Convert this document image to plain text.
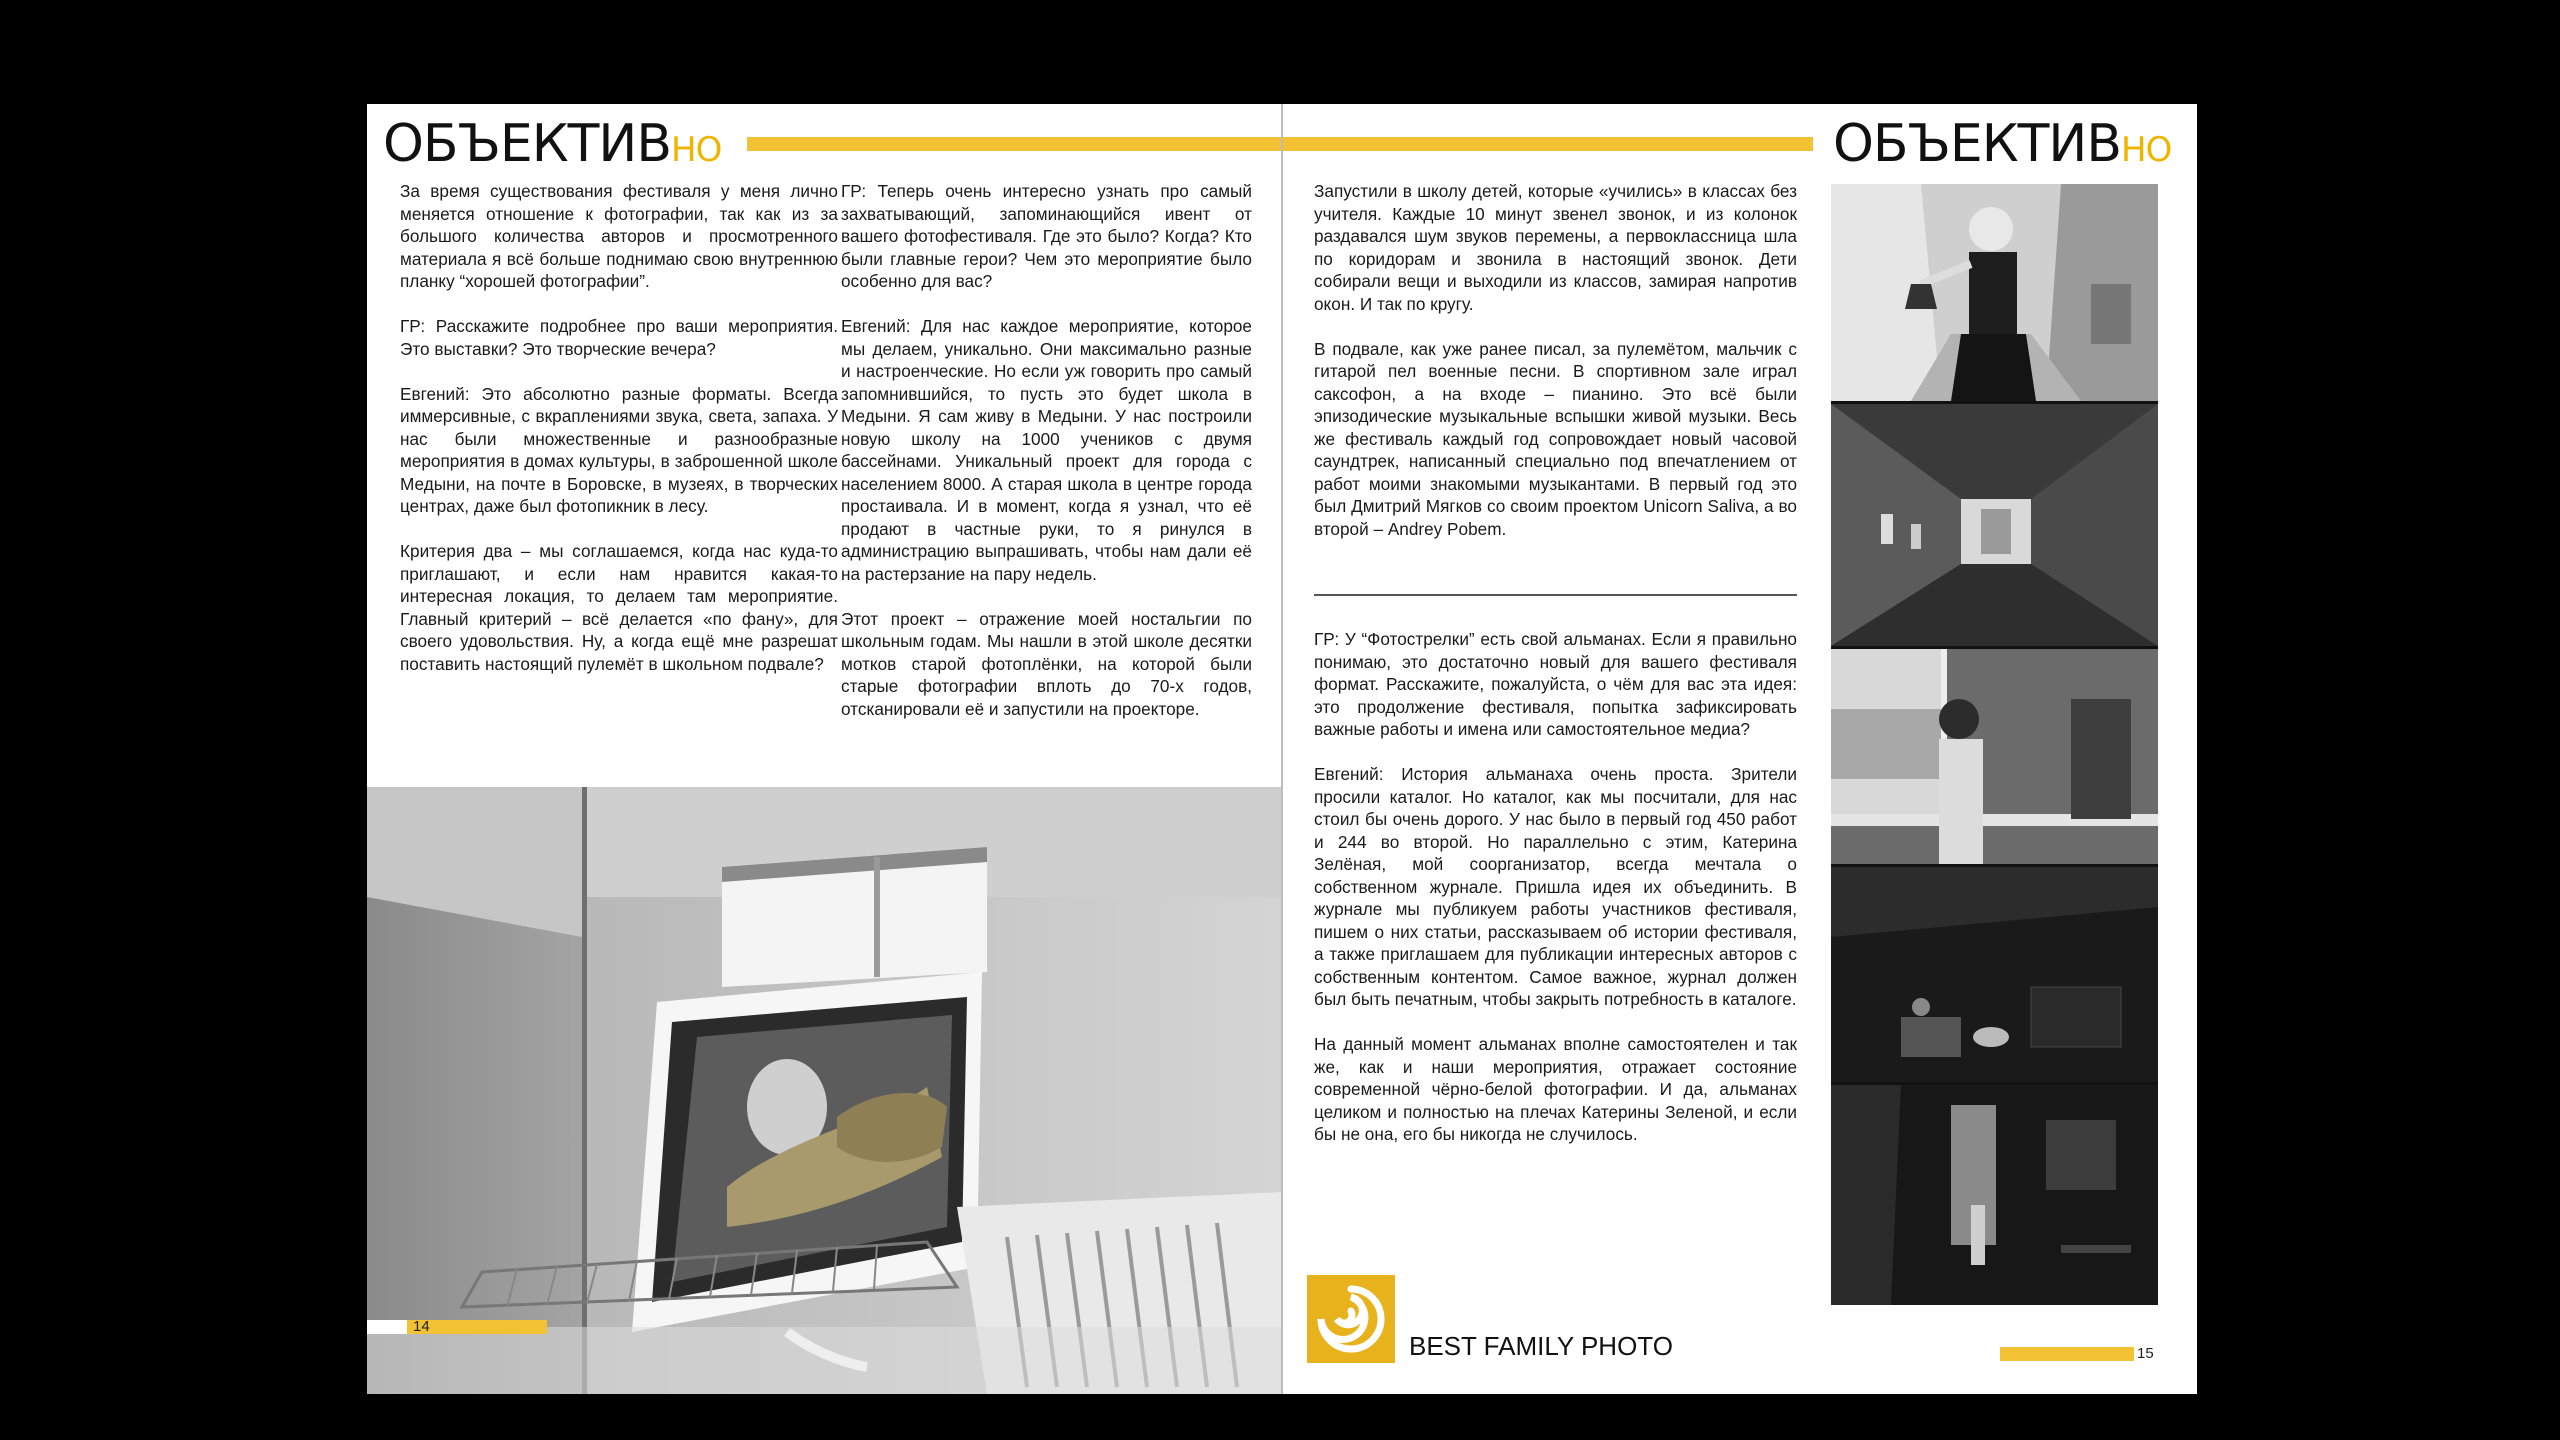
ОБЪЕКТИВНО

За время существования фестиваля у меня лично меняется отношение к фотографии, так как из за большого количества авторов и просмотренного материала я всё больше поднимаю свою внутреннюю планку “хорошей фотографии”.

ГР: Расскажите подробнее про ваши мероприятия. Это выставки? Это творческие вечера?

Евгений: Это абсолютно разные форматы. Всегда иммерсивные, с вкраплениями звука, света, запаха. У нас были множественные и разнообразные мероприятия в домах культуры, в заброшенной школе Медыни, на почте в Боровске, в музеях, в творческих центрах, даже был фотопикник в лесу.

Критерия два – мы соглашаемся, когда нас куда-то приглашают, и если нам нравится какая-то интересная локация, то делаем там мероприятие. Главный критерий – всё делается «по фану», для своего удовольствия. Ну, а когда ещё мне разрешат поставить настоящий пулемёт в школьном подвале?

ГР: Теперь очень интересно узнать про самый захватывающий, запоминающийся ивент от вашего фотофестиваля. Где это было? Когда? Кто были главные герои? Чем это мероприятие было особенно для вас?

Евгений: Для нас каждое мероприятие, которое мы делаем, уникально. Они максимально разные и настроенческие. Но если уж говорить про самый запомнившийся, то пусть это будет школа в Медыни. Я сам живу в Медыни. У нас построили новую школу на 1000 учеников с двумя бассейнами. Уникальный проект для города с населением 8000. А старая школа в центре города простаивала. И в момент, когда я узнал, что её продают в частные руки, то я ринулся в администрацию выпрашивать, чтобы нам дали её на растерзание на пару недель.

Этот проект – отражение моей ностальгии по школьным годам. Мы нашли в этой школе десятки мотков старой фотоплёнки, на которой были старые фотографии вплоть до 70-х годов, отсканировали её и запустили на проекторе.

14
ОБЪЕКТИВНО

Запустили в школу детей, которые «учились» в классах без учителя. Каждые 10 минут звенел звонок, и из колонок раздавался шум звуков перемены, а первоклассница шла по коридорам и звонила в настоящий звонок. Дети собирали вещи и выходили из классов, замирая напротив окон. И так по кругу.

В подвале, как уже ранее писал, за пулемётом, мальчик с гитарой пел военные песни. В спортивном зале играл саксофон, а на входе – пианино. Это всё были эпизодические музыкальные вспышки живой музыки. Весь же фестиваль каждый год сопровождает новый часовой саундтрек, написанный специально под впечатлением от работ моими знакомыми музыкантами. В первый год это был Дмитрий Мягков со своим проектом Unicorn Saliva, а во второй – Andrey Pobem.

ГР: У “Фотострелки” есть свой альманах. Если я правильно понимаю, это достаточно новый для вашего фестиваля формат. Расскажите, пожалуйста, о чём для вас эта идея: это продолжение фестиваля, попытка зафиксировать важные работы и имена или самостоятельное медиа?

Евгений: История альманаха очень проста. Зрители просили каталог. Но каталог, как мы посчитали, для нас стоил бы очень дорого. У нас было в первый год 450 работ и 244 во второй. Но параллельно с этим, Катерина Зелёная, мой соорганизатор, всегда мечтала о собственном журнале. Пришла идея их объединить. В журнале мы публикуем работы участников фестиваля, пишем о них статьи, рассказываем об истории фестиваля, а также приглашаем для публикации интересных авторов с собственным контентом. Самое важное, журнал должен был быть печатным, чтобы закрыть потребность в каталоге.

На данный момент альманах вполне самостоятелен и так же, как и наши мероприятия, отражает состояние современной чёрно-белой фотографии. И да, альманах целиком и полностью на плечах Катерины Зеленой, и если бы не она, его бы никогда не случилось.

BEST FAMILY PHOTO	15
